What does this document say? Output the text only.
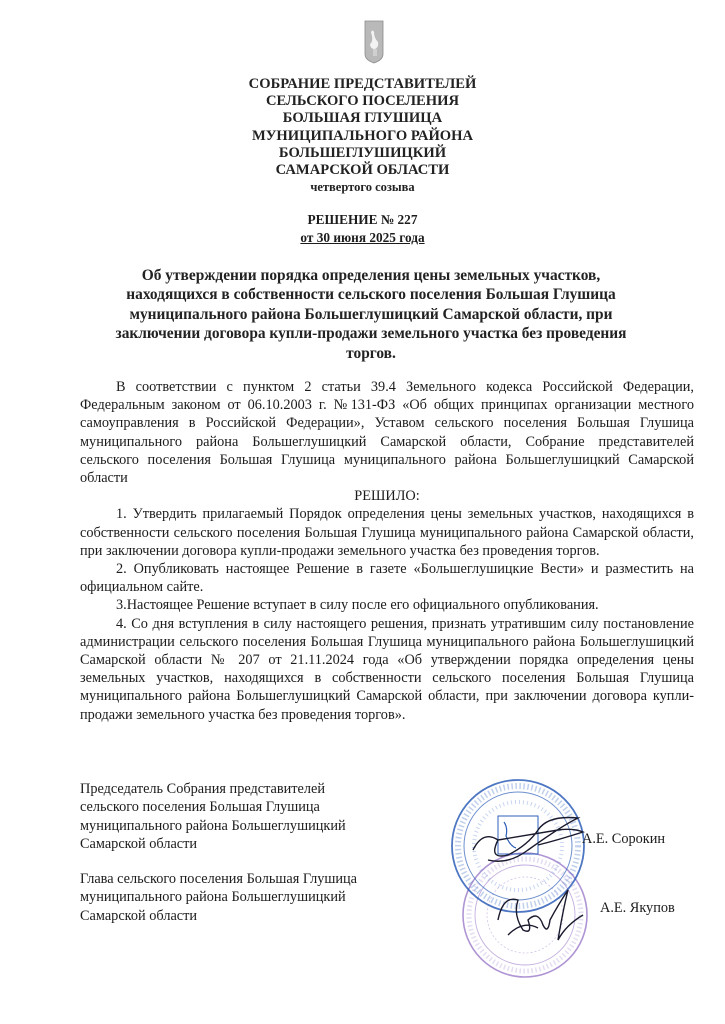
СОБРАНИЕ ПРЕДСТАВИТЕЛЕЙ
СЕЛЬСКОГО ПОСЕЛЕНИЯ
БОЛЬШАЯ ГЛУШИЦА
МУНИЦИПАЛЬНОГО РАЙОНА
БОЛЬШЕГЛУШИЦКИЙ
САМАРСКОЙ ОБЛАСТИ
четвертого созыва
РЕШЕНИЕ № 227
от 30 июня 2025 года
Об утверждении порядка определения цены земельных участков, находящихся в собственности сельского поселения Большая Глушица муниципального района Большеглушицкий Самарской области, при заключении договора купли-продажи земельного участка без проведения торгов.

В соответствии с пунктом 2 статьи 39.4 Земельного кодекса Российской Федерации, Федеральным законом от 06.10.2003 г. №131-ФЗ «Об общих принципах организации местного самоуправления в Российской Федерации», Уставом сельского поселения Большая Глушица муниципального района Большеглушицкий Самарской области, Собрание представителей сельского поселения Большая Глушица муниципального района Большеглушицкий Самарской области

РЕШИЛО:

1. Утвердить прилагаемый Порядок определения цены земельных участков, находящихся в собственности сельского поселения Большая Глушица муниципального района Самарской области, при заключении договора купли-продажи земельного участка без проведения торгов.

2. Опубликовать настоящее Решение в газете «Большеглушицкие Вести» и разместить на официальном сайте.

3.Настоящее Решение вступает в силу после его официального опубликования.

4. Со дня вступления в силу настоящего решения, признать утратившим силу постановление администрации сельского поселения Большая Глушица муниципального района Большеглушицкий Самарской области № 207 от 21.11.2024 года «Об утверждении порядка определения цены земельных участков, находящихся в собственности сельского поселения Большая Глушица муниципального района Большеглушицкий Самарской области, при заключении договора купли-продажи земельного участка без проведения торгов».

Председатель Собрания представителей
сельского поселения Большая Глушица
муниципального района Большеглушицкий
Самарской области
Глава сельского поселения Большая Глушица
муниципального района Большеглушицкий
Самарской области
А.Е. Сорокин
А.Е. Якупов
